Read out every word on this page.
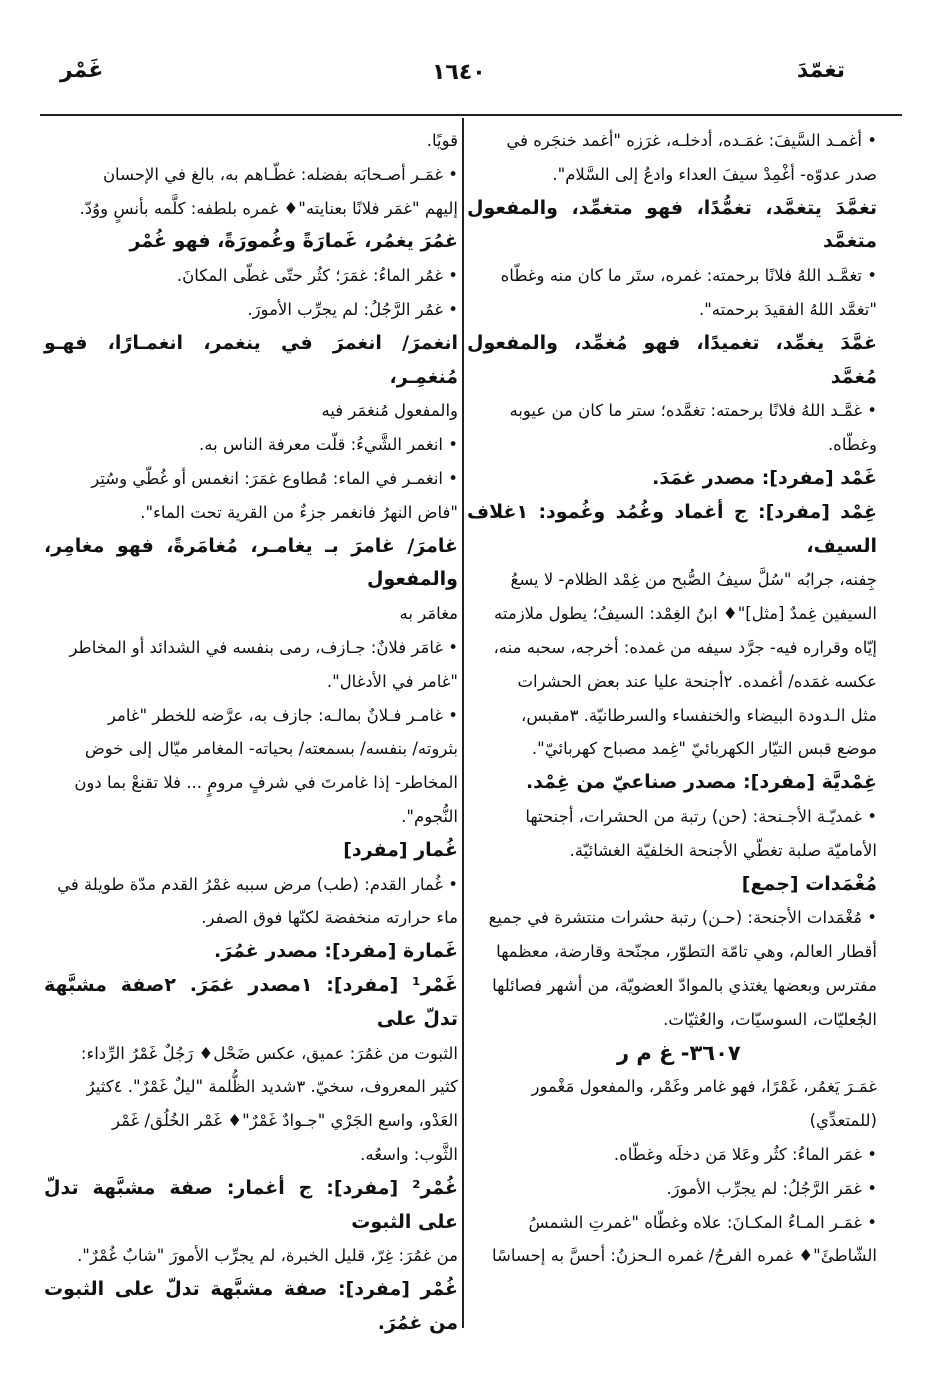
تغمّدَ
١٦٤٠
غَمْر

• أغمـد السَّيفَ: غمَـده، أدخلـه، غرَزه "أغمد خنجَره في

صدر عدوّه- أغْمِدْ سيفَ العداء وادعُ إلى السَّلام".

تغمَّدَ يتغمَّد، تغمُّدًا، فهو متغمِّد، والمفعول متغمَّد

• تغمَّـد اللهُ فلانًا برحمته: غمره، ستَر ما كان منه وغطّاه

"تغمَّد اللهُ الفقيدَ برحمته".

غمَّدَ يغمِّد، تغميدًا، فهو مُغمِّد، والمفعول مُغمَّد

• غمَّـد اللهُ فلانًا برحمته: تغمَّده؛ ستر ما كان من عيوبه

وغطّاه.

غَمْد [مفرد]: مصدر غمَدَ.

غِمْد [مفرد]: ج أغماد وغُمُد وغُمود: ١غلاف السيف،

جِفنه، جرابُه "سُلَّ سيفُ الصُّبح من غِمْد الظلام- لا يسعُ

السيفين غِمدٌ [مثل]"♦ ابنُ الغِمْد: السيفُ؛ يطول ملازمته

إيّاه وقراره فيه- جرَّد سيفه من غمده: أخرجه، سحبه منه،

عكسه غمَده/ أغمده. ٢أجنحة عليا عند بعض الحشرات

مثل الـدودة البيضاء والخنفساء والسرطانيّة. ٣مقبس،

موضع قبس التيّار الكهربائيّ "غِمد مصباح كهربائيّ".

غِمْديَّة [مفرد]: مصدر صناعيّ من غِمْد.

• غمديّـة الأجـنحة: (حن) رتبة من الحشرات، أجنحتها

الأماميّة صلبة تغطّي الأجنحة الخلفيّة الغشائيّة.

مُغْمَدات [جمع]

• مُغْمَدات الأجنحة: (حـن) رتبة حشرات منتشرة في جميع

أقطار العالم، وهي تامّة التطوّر، مجنّحة وقارضة، معظمها

مفترس وبعضها يغتذي بالموادّ العضويّة، من أشهر فصائلها

الجُعليّات، السوسيّات، والعُثيّات.

٣٦٠٧- غ م ر

غمَـرَ يَغمُر، غَمْرًا، فهو غامر وغَمْر، والمفعول مَغْمور

(للمتعدِّي)

• غمَر الماءُ: كثُر وعَلا مَن دخلَه وغطّاه.

• غمَر الرَّجُلُ: لم يجرِّب الأمورَ.

• غمَـر المـاءُ المكـانَ: علاه وغطّاه "غمرتِ الشمسُ

الشّاطئَ"♦ غمره الفرحُ/ غمره الـحزنُ: أحسَّ به إحساسًا

قويًا.

• غمَـر أصـحابَه بفضله: غطّـاهم به، بالغ في الإحسان

إليهم "غمَر فلانًا بعنايته"♦ غمره بلطفه: كلَّمه بأنسٍ ووُدّ.

غمُرَ يغمُر، غَمارَةً وغُمورَةً، فهو غُمْر

• غمُر الماءُ: غمَرَ؛ كثُر حتّى غطّى المكانَ.

• غمُر الرَّجُلُ: لم يجرِّب الأمورَ.

انغمرَ/ انغمرَ في ينغمر، انغمـارًا، فهـو مُنغمِـر،

والمفعول مُنغمَر فيه

• انغمر الشَّيءُ: قلّت معرفة الناس به.

• انغمـر في الماء: مُطاوع غمَرَ: انغمس أو غُطّي وسُتِر

"فاض النهرُ فانغمر جزءٌ من القرية تحت الماء".

غامرَ/ غامرَ بـ يغامـر، مُغامَرةً، فهو مغامِر، والمفعول

مغامَر به

• غامَر فلانٌ: جـازف، رمى بنفسه في الشدائد أو المخاطر

"غامر في الأدغال".

• غامـر فـلانٌ بمالـه: جازف به، عرَّضه للخطر "غامر

بثروته/ بنفسه/ بسمعته/ بحياته- المغامر ميّال إلى خوض

المخاطر- إذا غامرتَ في شرفٍ مرومٍ ... فلا تقنعْ بما دون

النُّجوم".

غُمار [مفرد]

• غُمار القدم: (طب) مرض سببه غمْرُ القدم مدّة طويلة في

ماء حرارته منخفضة لكنّها فوق الصفر.

غَمارة [مفرد]: مصدر غمُرَ.

غَمْر¹ [مفرد]: ١مصدر غمَرَ. ٢صفة مشبَّهة تدلّ على

الثبوت من غمُرَ: عميق، عكس ضَحْل♦ رَجُلٌ غَمْرُ الرِّداء:

كثير المعروف، سخيّ. ٣شديد الظُّلمة "ليلٌ غَمْرٌ". ٤كثيرُ

العَدْو، واسع الجَرْي "جـوادٌ غَمْرٌ"♦ غَمْر الخُلُق/ غَمْر

الثَّوب: واسعُه.

غُمْر² [مفرد]: ج أغمار: صفة مشبَّهة تدلّ على الثبوت

من غمُرَ: غِرّ، قليل الخبرة، لم يجرِّب الأمورَ "شابٌ غُمْرٌ".

غُمْر [مفرد]: صفة مشبَّهة تدلّ على الثبوت من غمُرَ.
